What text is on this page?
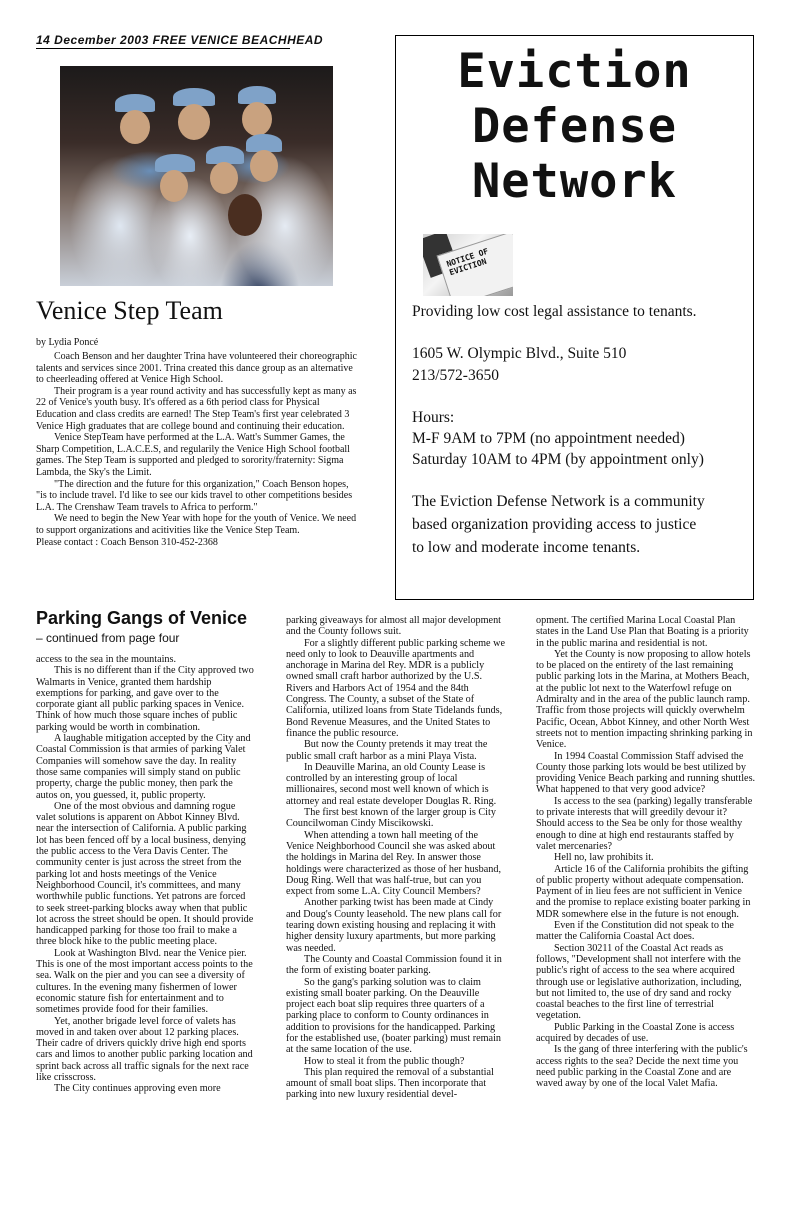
14 December 2003 FREE VENICE BEACHHEAD
Venice Step Team
by Lydia Poncé

Coach Benson and her daughter Trina have volunteered their choreographic talents and services since 2001. Trina created this dance group as an alternative to cheerleading offered at Venice High School.

Their program is a year round activity and has successfully kept as many as 22 of Venice's youth busy. It's offered as a 6th period class for Physical Education and class credits are earned! The Step Team's first year celebrated 3 Venice High graduates that are college bound and continuing their education.

Venice StepTeam have performed at the L.A. Watt's Summer Games, the Sharp Competition, L.A.C.E.S, and regularily the Venice High School football games. The Step Team is supported and pledged to sorority/fraternity: Sigma Lambda, the Sky's the Limit.

"The direction and the future for this organization," Coach Benson hopes, "is to include travel. I'd like to see our kids travel to other competitions besides L.A. The Crenshaw Team travels to Africa to perform."

We need to begin the New Year with hope for the youth of Venice. We need to support organizations and acitivities like the Venice Step Team.

Please contact : Coach Benson 310-452-2368

Eviction
Defense
Network
NOTICE OF EVICTION
Providing low cost legal assistance to tenants.
1605 W. Olympic Blvd., Suite 510
213/572-3650
Hours:
M-F 9AM to 7PM (no appointment needed)
Saturday 10AM to 4PM (by appointment only)
The Eviction Defense Network is a community
based organization providing access to justice
to low and moderate income tenants.
Parking Gangs of Venice
– continued from page four

access to the sea in the mountains.

This is no different than if the City approved two Walmarts in Venice, granted them hardship exemptions for parking, and gave over to the corporate giant all public parking spaces in Venice. Think of how much those square inches of public parking would be worth in combination.

A laughable mitigation accepted by the City and Coastal Commission is that armies of parking Valet Companies will somehow save the day. In reality those same companies will simply stand on public property, charge the public money, then park the autos on, you guessed, it, public property.

One of the most obvious and damning rogue valet solutions is apparent on Abbot Kinney Blvd. near the intersection of California. A public parking lot has been fenced off by a local business, denying the public access to the Vera Davis Center. The community center is just across the street from the parking lot and hosts meetings of the Venice Neighborhood Council, it's committees, and many worthwhile public functions. Yet patrons are forced to seek street-parking blocks away when that public lot across the street should be open. It should provide handicapped parking for those too frail to make a three block hike to the public meeting place.

Look at Washington Blvd. near the Venice pier. This is one of the most important access points to the sea. Walk on the pier and you can see a diversity of cultures. In the evening many fishermen of lower economic stature fish for entertainment and to sometimes provide food for their families.

Yet, another brigade level force of valets has moved in and taken over about 12 parking places. Their cadre of drivers quickly drive high end sports cars and limos to another public parking location and sprint back across all traffic signals for the next race like crisscross.

The City continues approving even more

parking giveaways for almost all major development and the County follows suit.

For a slightly different public parking scheme we need only to look to Deauville apartments and anchorage in Marina del Rey. MDR is a publicly owned small craft harbor authorized by the U.S. Rivers and Harbors Act of 1954 and the 84th Congress. The County, a subset of the State of California, utilized loans from State Tidelands funds, Bond Revenue Measures, and the United States to finance the public resource.

But now the County pretends it may treat the public small craft harbor as a mini Playa Vista.

In Deauville Marina, an old County Lease is controlled by an interesting group of local millionaires, second most well known of which is attorney and real estate developer Douglas R. Ring.

The first best known of the larger group is City Councilwoman Cindy Miscikowski.

When attending a town hall meeting of the Venice Neighborhood Council she was asked about the holdings in Marina del Rey. In answer those holdings were characterized as those of her husband, Doug Ring. Well that was half-true, but can you expect from some L.A. City Council Members?

Another parking twist has been made at Cindy and Doug's County leasehold. The new plans call for tearing down existing housing and replacing it with higher density luxury apartments, but more parking was needed.

The County and Coastal Commission found it in the form of existing boater parking.

So the gang's parking solution was to claim existing small boater parking. On the Deauville project each boat slip requires three quarters of a parking place to conform to County ordinances in addition to provisions for the handicapped. Parking for the established use, (boater parking) must remain at the same location of the use.

How to steal it from the public though?

This plan required the removal of a substantial amount of small boat slips. Then incorporate that parking into new luxury residential devel-

opment. The certified Marina Local Coastal Plan states in the Land Use Plan that Boating is a priority in the public marina and residential is not.

Yet the County is now proposing to allow hotels to be placed on the entirety of the last remaining public parking lots in the Marina, at Mothers Beach, at the public lot next to the Waterfowl refuge on Admiralty and in the area of the public launch ramp. Traffic from those projects will quickly overwhelm Pacific, Ocean, Abbot Kinney, and other North West streets not to mention impacting shrinking parking in Venice.

In 1994 Coastal Commission Staff advised the County those parking lots would be best utilized by providing Venice Beach parking and running shuttles. What happened to that very good advice?

Is access to the sea (parking) legally transferable to private interests that will greedily devour it? Should access to the Sea be only for those wealthy enough to dine at high end restaurants staffed by valet mercenaries?

Hell no, law prohibits it.

Article 16 of the California prohibits the gifting of public property without adequate compensation. Payment of in lieu fees are not sufficient in Venice and the promise to replace existing boater parking in MDR somewhere else in the future is not enough.

Even if the Constitution did not speak to the matter the California Coastal Act does.

Section 30211 of the Coastal Act reads as follows, "Development shall not interfere with the public's right of access to the sea where acquired through use or legislative authorization, including, but not limited to, the use of dry sand and rocky coastal beaches to the first line of terrestrial vegetation.

Public Parking in the Coastal Zone is access acquired by decades of use.

Is the gang of three interfering with the public's access rights to the sea? Decide the next time you need public parking in the Coastal Zone and are waved away by one of the local Valet Mafia.
